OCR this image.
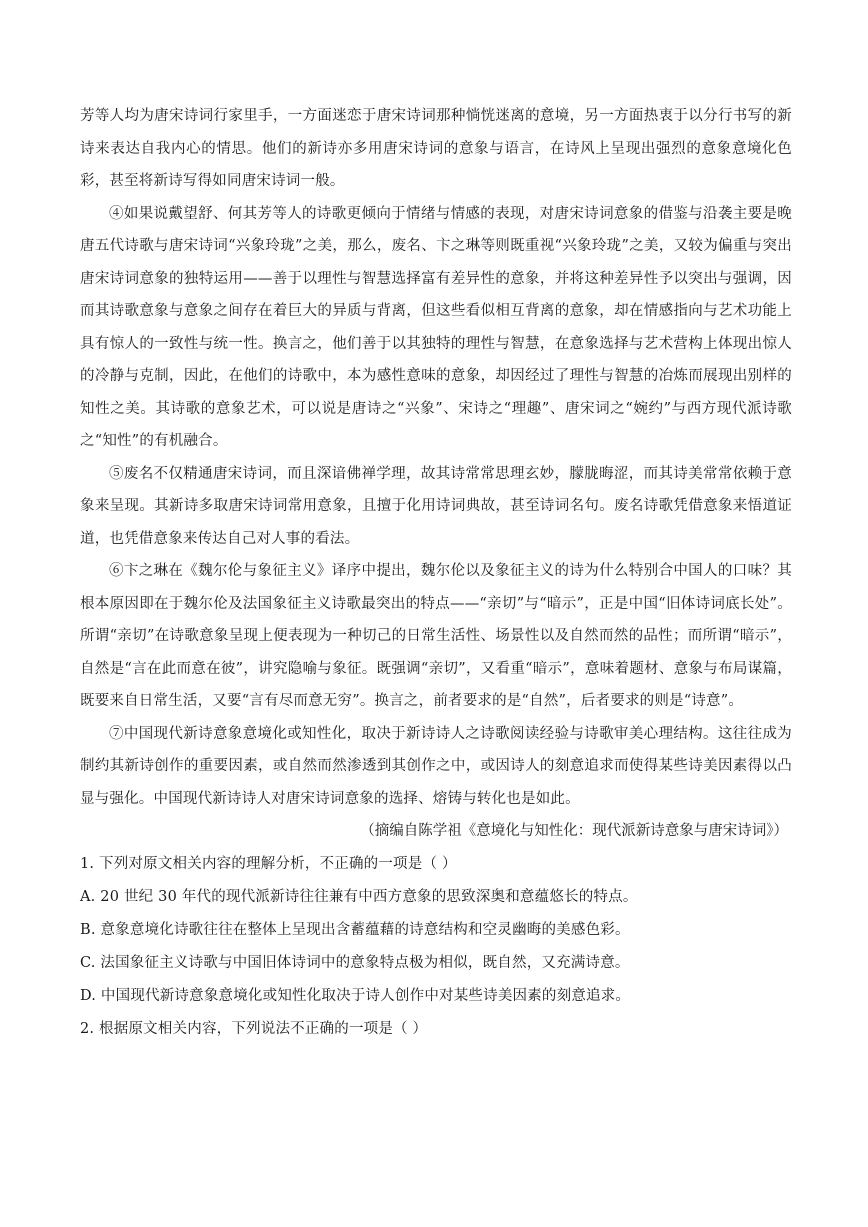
芳等人均为唐宋诗词行家里手，一方面迷恋于唐宋诗词那种惝恍迷离的意境，另一方面热衷于以分行书写的新诗来表达自我内心的情思。他们的新诗亦多用唐宋诗词的意象与语言，在诗风上呈现出强烈的意象意境化色彩，甚至将新诗写得如同唐宋诗词一般。

④如果说戴望舒、何其芳等人的诗歌更倾向于情绪与情感的表现，对唐宋诗词意象的借鉴与沿袭主要是晚唐五代诗歌与唐宋诗词“兴象玲珑”之美，那么，废名、卞之琳等则既重视“兴象玲珑”之美，又较为偏重与突出唐宋诗词意象的独特运用——善于以理性与智慧选择富有差异性的意象，并将这种差异性予以突出与强调，因而其诗歌意象与意象之间存在着巨大的异质与背离，但这些看似相互背离的意象，却在情感指向与艺术功能上具有惊人的一致性与统一性。换言之，他们善于以其独特的理性与智慧，在意象选择与艺术营构上体现出惊人的冷静与克制，因此，在他们的诗歌中，本为感性意味的意象，却因经过了理性与智慧的冶炼而展现出别样的知性之美。其诗歌的意象艺术，可以说是唐诗之“兴象”、宋诗之“理趣”、唐宋词之“婉约”与西方现代派诗歌之“知性”的有机融合。

⑤废名不仅精通唐宋诗词，而且深谙佛禅学理，故其诗常常思理玄妙，朦胧晦涩，而其诗美常常依赖于意象来呈现。其新诗多取唐宋诗词常用意象，且擅于化用诗词典故，甚至诗词名句。废名诗歌凭借意象来悟道证道，也凭借意象来传达自己对人事的看法。

⑥卞之琳在《魏尔伦与象征主义》译序中提出，魏尔伦以及象征主义的诗为什么特别合中国人的口味？其根本原因即在于魏尔伦及法国象征主义诗歌最突出的特点——“亲切”与“暗示”，正是中国“旧体诗词底长处”。所谓“亲切”在诗歌意象呈现上便表现为一种切己的日常生活性、场景性以及自然而然的品性；而所谓“暗示”，自然是“言在此而意在彼”，讲究隐喻与象征。既强调“亲切”，又看重“暗示”，意味着题材、意象与布局谋篇，既要来自日常生活，又要“言有尽而意无穷”。换言之，前者要求的是“自然”，后者要求的则是“诗意”。

⑦中国现代新诗意象意境化或知性化，取决于新诗诗人之诗歌阅读经验与诗歌审美心理结构。这往往成为制约其新诗创作的重要因素，或自然而然渗透到其创作之中，或因诗人的刻意追求而使得某些诗美因素得以凸显与强化。中国现代新诗诗人对唐宋诗词意象的选择、熔铸与转化也是如此。

（摘编自陈学祖《意境化与知性化：现代派新诗意象与唐宋诗词》）

1. 下列对原文相关内容的理解分析，不正确的一项是（ ）

A. 20 世纪 30 年代的现代派新诗往往兼有中西方意象的思致深奥和意蕴悠长的特点。

B. 意象意境化诗歌往往在整体上呈现出含蓄蕴藉的诗意结构和空灵幽晦的美感色彩。

C. 法国象征主义诗歌与中国旧体诗词中的意象特点极为相似，既自然，又充满诗意。

D. 中国现代新诗意象意境化或知性化取决于诗人创作中对某些诗美因素的刻意追求。

2. 根据原文相关内容，下列说法不正确的一项是（ ）
